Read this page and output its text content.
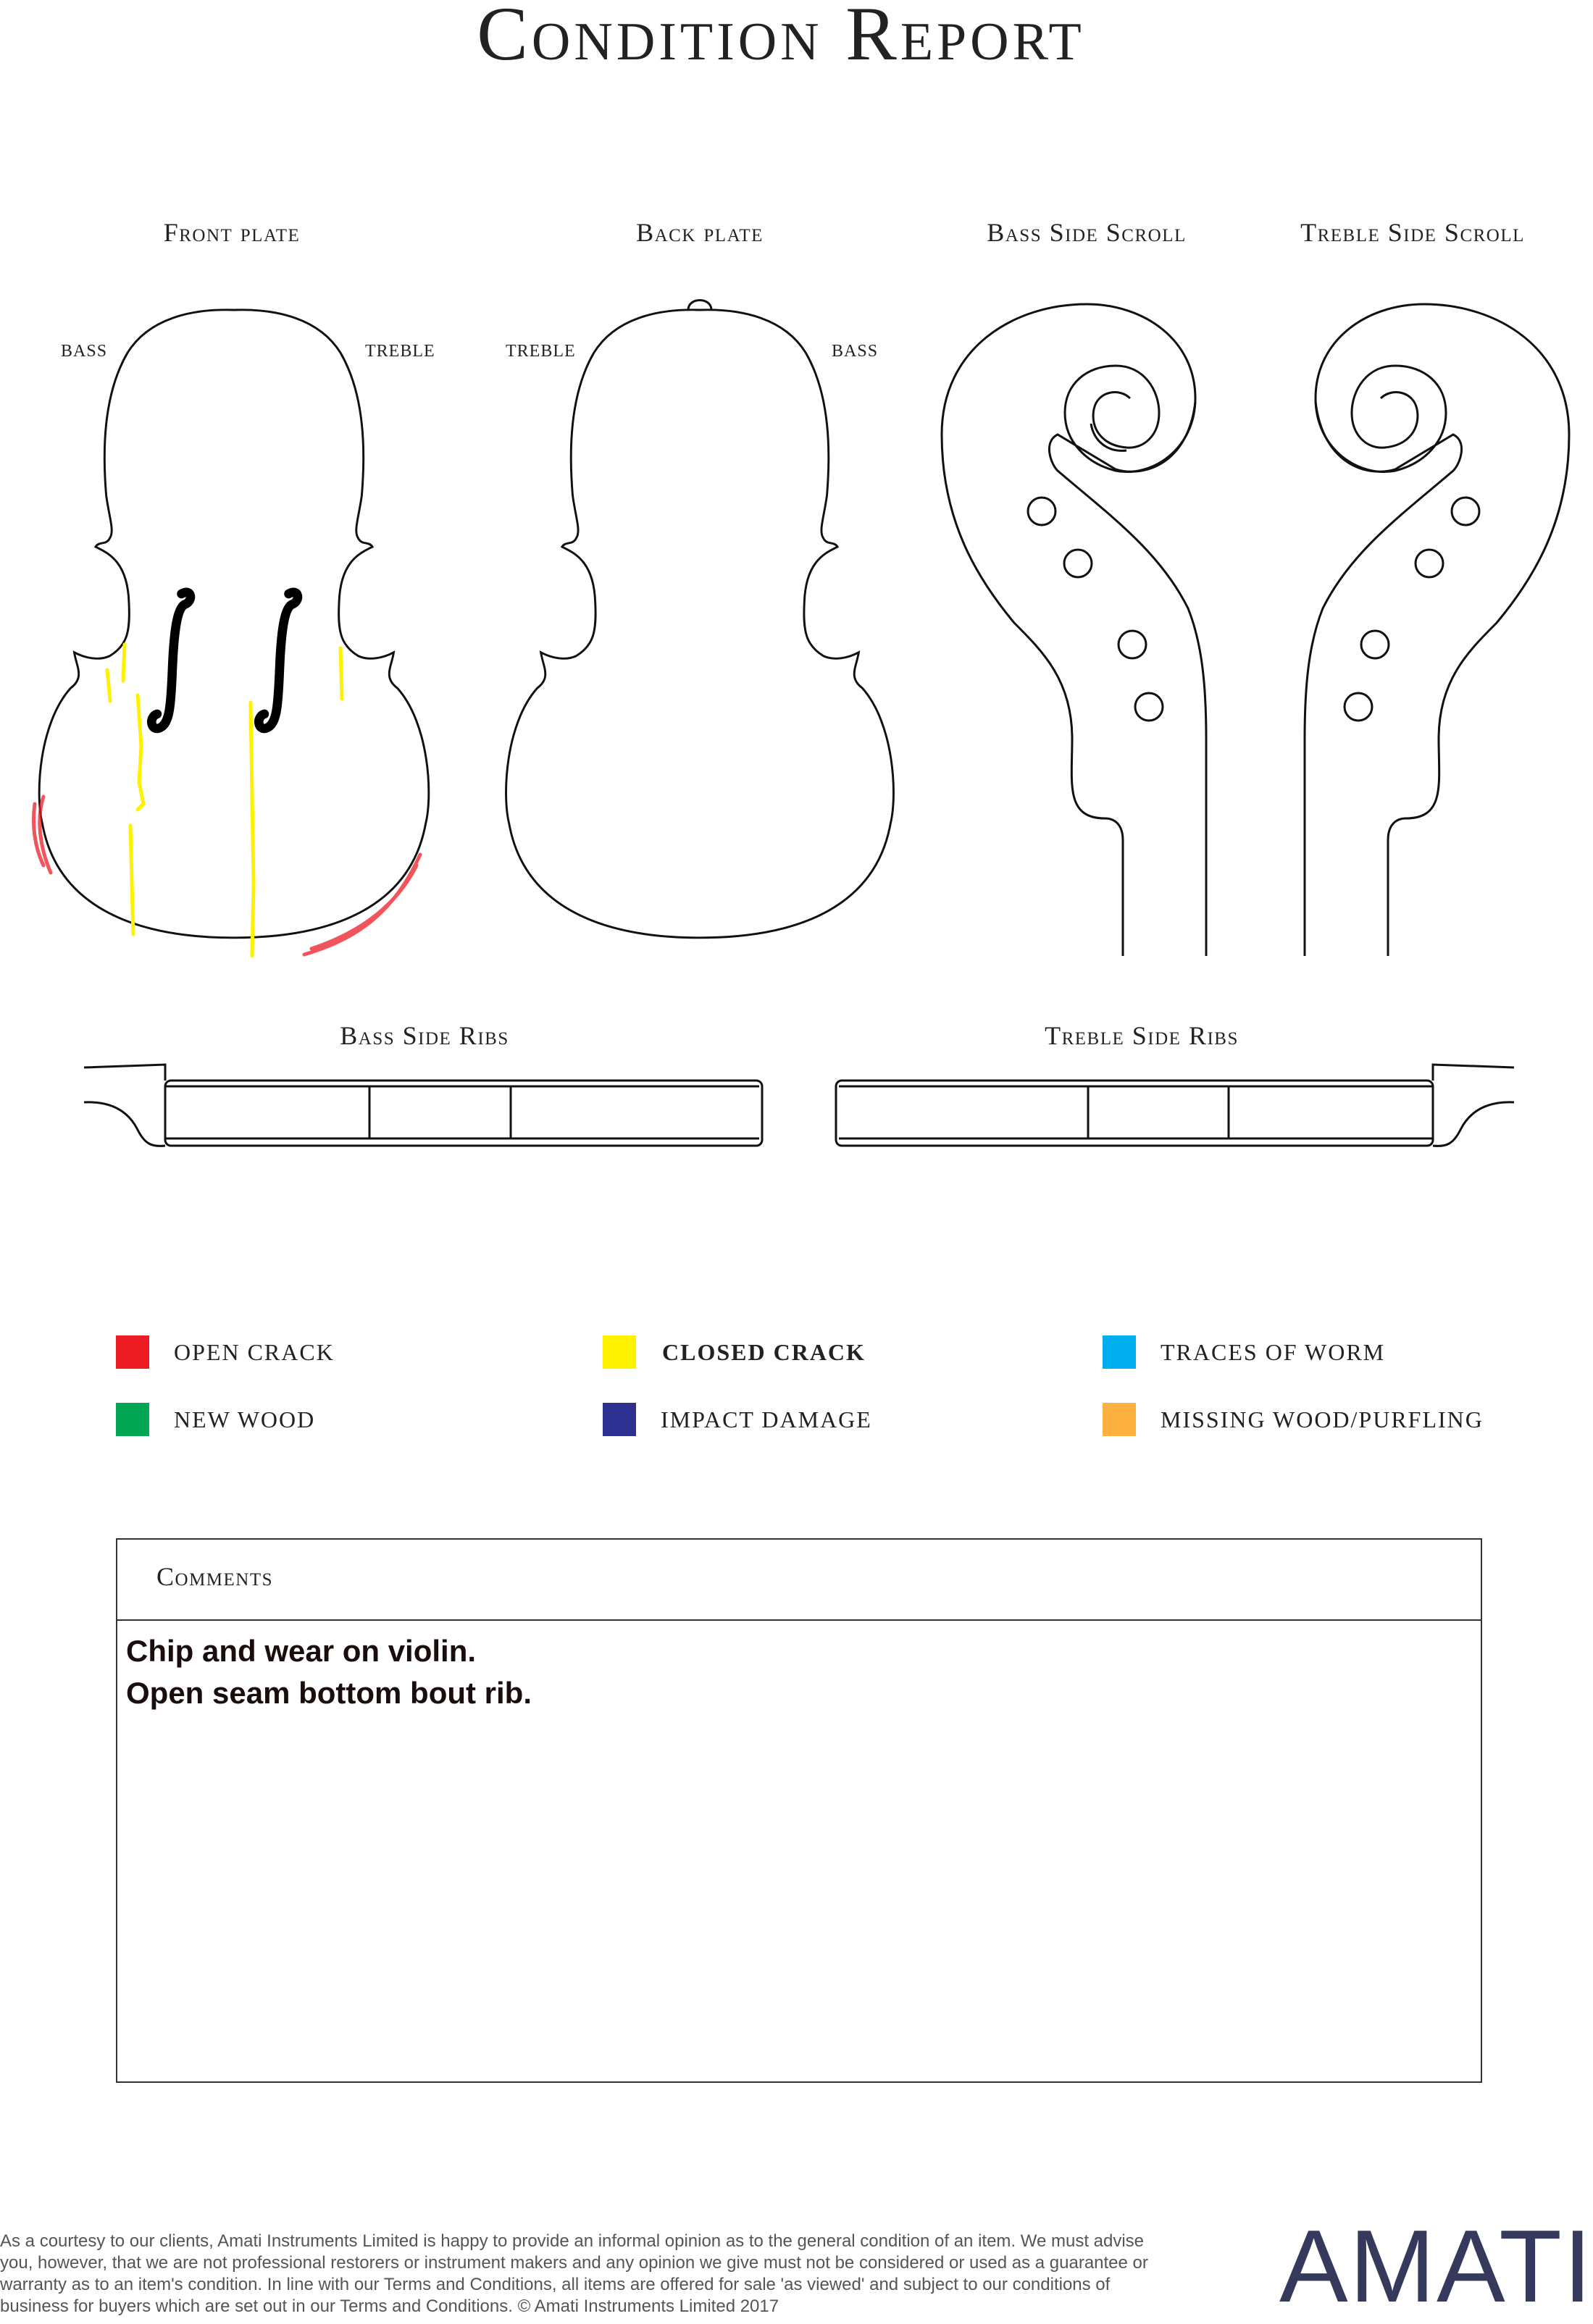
Condition Report
Front plate	Back plate	Bass Side Scroll	Treble Side Scroll
BASS	TREBLE	TREBLE	BASS
Bass Side Ribs	Treble Side Ribs
OPEN CRACK	CLOSED CRACK	TRACES OF WORM
NEW WOOD	IMPACT DAMAGE	MISSING WOOD/PURFLING
Comments
Chip and wear on violin.
Open seam bottom bout rib.
As a courtesy to our clients, Amati Instruments Limited is happy to provide an informal opinion as to the general condition of an item. We must advise you, however, that we are not professional restorers or instrument makers and any opinion we give must not be considered or used as a guarantee or warranty as to an item's condition. In line with our Terms and Conditions, all items are offered for sale 'as viewed' and subject to our conditions of business for buyers which are set out in our Terms and Conditions. © Amati Instruments Limited 2017	AMATI
